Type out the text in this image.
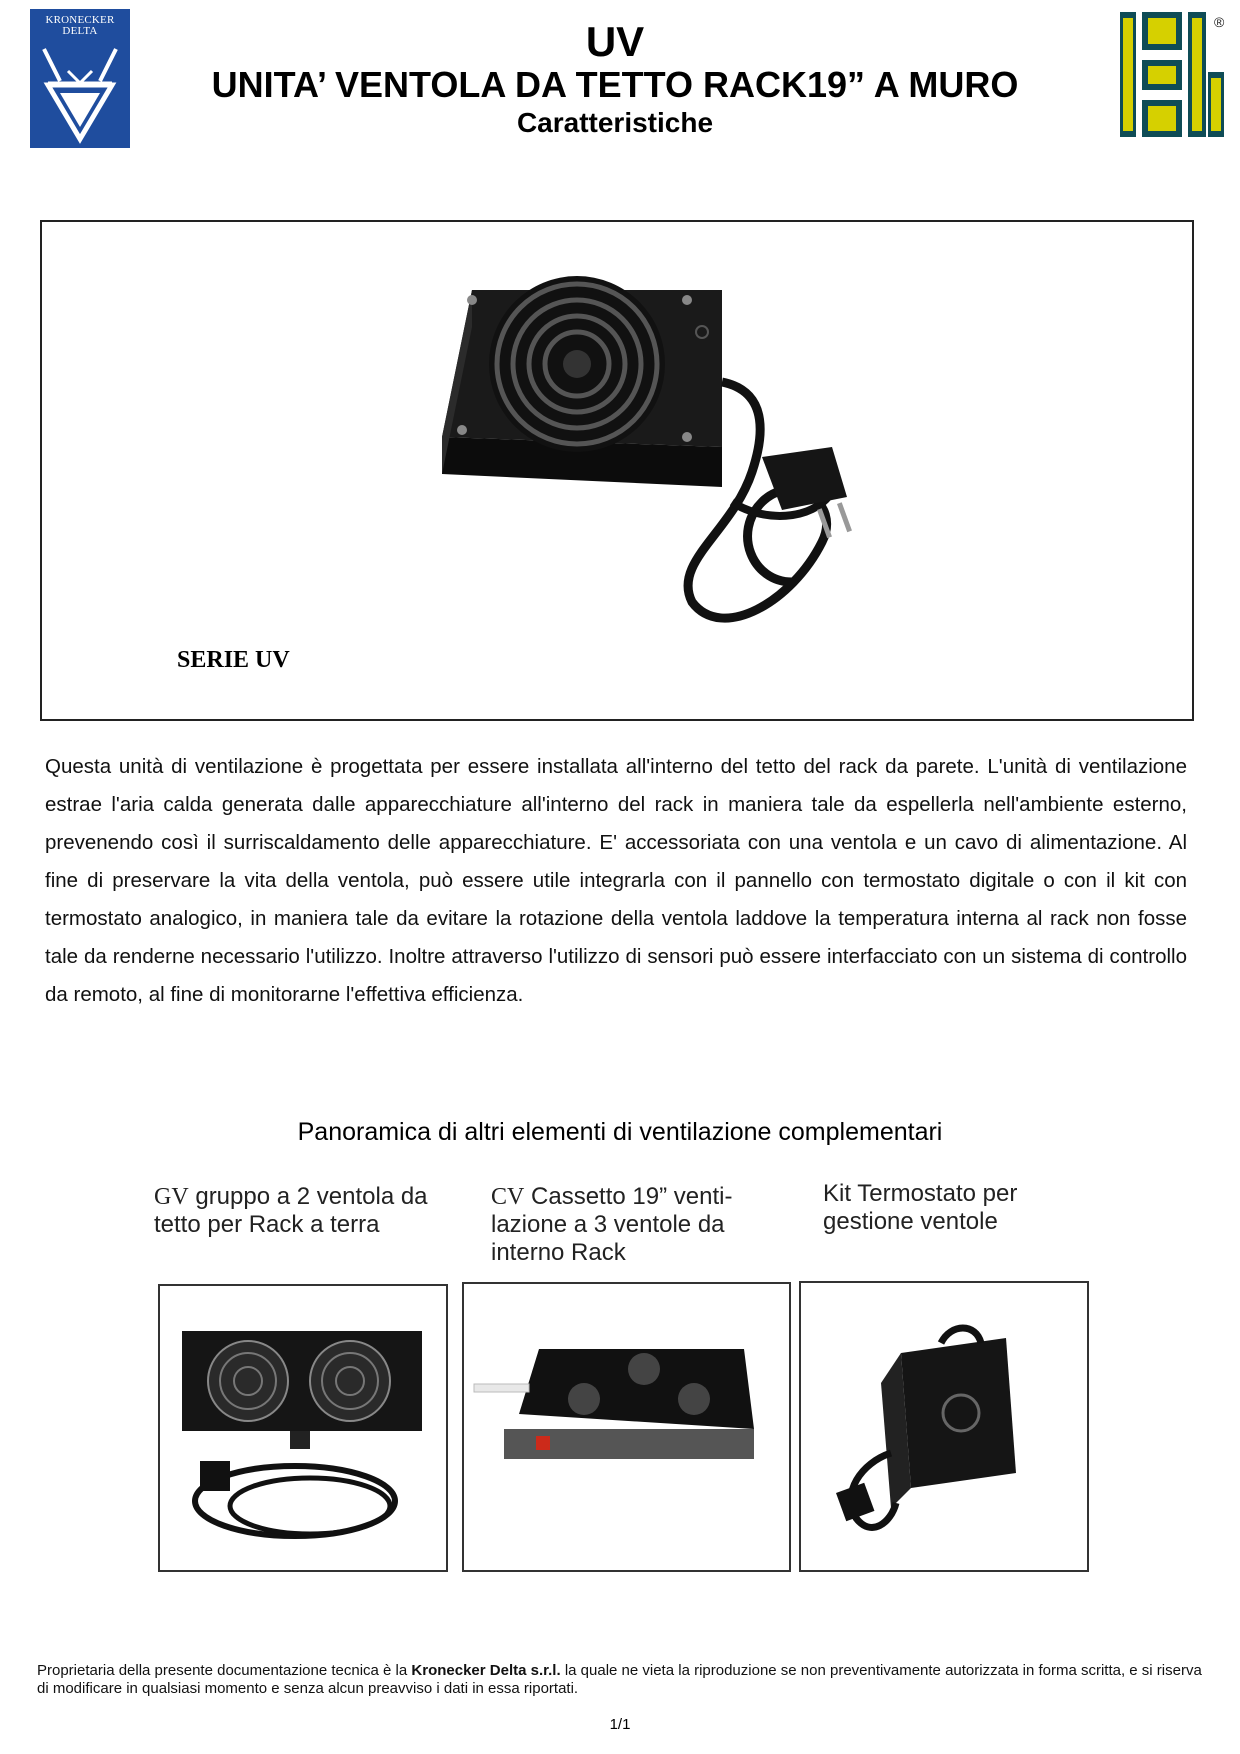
KRONECKER DELTA	UV
UNITA’ VENTOLA DA TETTO RACK19” A MURO
Caratteristiche
®
SERIE UV
Questa unità di ventilazione è progettata per essere installata all'interno del tetto del rack da parete. L'unità di ventilazione estrae l'aria calda generata dalle apparecchiature all'interno del rack in maniera tale da espellerla nell'ambiente esterno, prevenendo così il surriscaldamento delle apparecchiature. E' accessoriata con una ventola e un cavo di alimentazione. Al fine di preservare la vita della ventola, può essere utile integrarla con il pannello con termostato digitale o con il kit con termostato analogico, in maniera tale da evitare la rotazione della ventola laddove la temperatura interna al rack non fosse tale da renderne necessario l'utilizzo. Inoltre attraverso l'utilizzo di sensori può essere interfacciato con un sistema di controllo da remoto, al fine di monitorarne l'effettiva efficienza.
Panoramica di altri elementi di ventilazione complementari
GV gruppo a 2 ventola da tetto per Rack a terra
CV Cassetto 19” venti-lazione a 3 ventole da interno Rack
Kit Termostato per gestione ventole
Proprietaria della presente documentazione tecnica è la Kronecker Delta s.r.l. la quale ne vieta la riproduzione se non preventivamente autorizzata in forma scritta, e si riserva di modificare in qualsiasi momento e senza alcun preavviso i dati in essa riportati.
1/1
